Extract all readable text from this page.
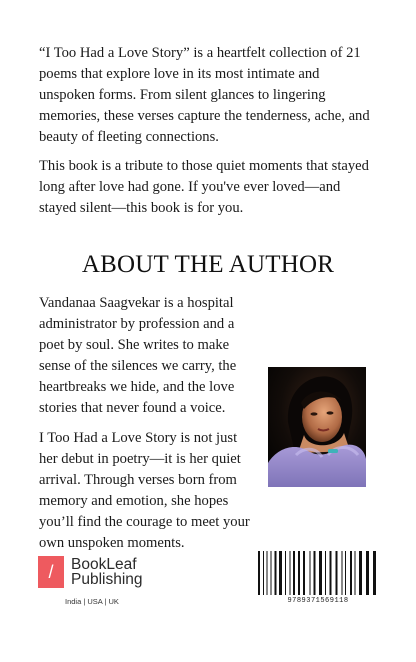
“I Too Had a Love Story” is a heartfelt collection of 21 poems that explore love in its most intimate and unspoken forms. From silent glances to lingering memories, these verses capture the tenderness, ache, and beauty of fleeting connections.

This book is a tribute to those quiet moments that stayed long after love had gone. If you've ever loved—and stayed silent—this book is for you.

ABOUT THE AUTHOR

Vandanaa Saagvekar is a hospital administrator by profession and a poet by soul. She writes to make sense of the silences we carry, the heartbreaks we hide, and the love stories that never found a voice.

I Too Had a Love Story is not just her debut in poetry—it is her quiet arrival. Through verses born from memory and emotion, she hopes you’ll find the courage to meet your own unspoken moments.

/	BookLeaf
Publishing
India | USA | UK	9789371569118
